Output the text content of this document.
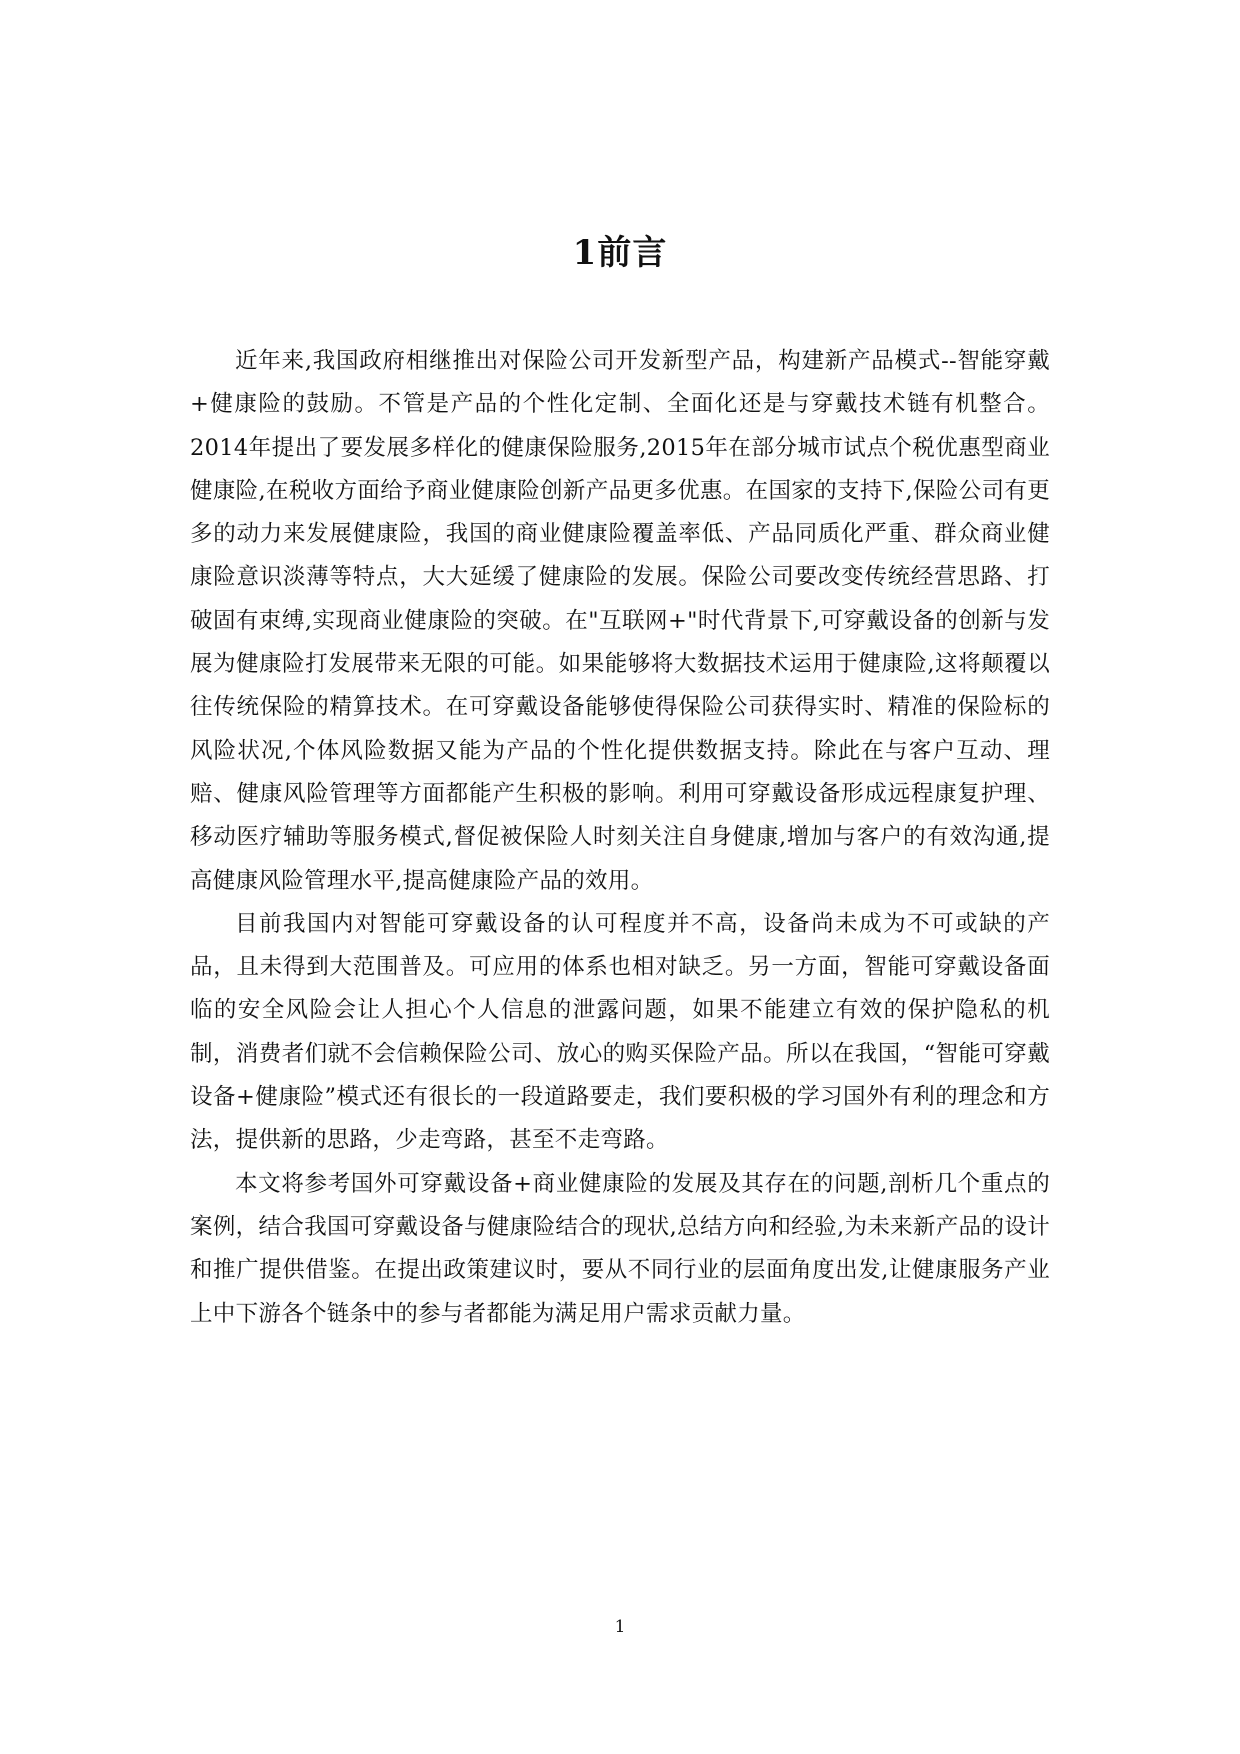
1前言

近年来,我国政府相继推出对保险公司开发新型产品，构建新产品模式--智能穿戴+健康险的鼓励。不管是产品的个性化定制、全面化还是与穿戴技术链有机整合。2014年提出了要发展多样化的健康保险服务,2015年在部分城市试点个税优惠型商业健康险,在税收方面给予商业健康险创新产品更多优惠。在国家的支持下,保险公司有更多的动力来发展健康险，我国的商业健康险覆盖率低、产品同质化严重、群众商业健康险意识淡薄等特点，大大延缓了健康险的发展。保险公司要改变传统经营思路、打破固有束缚,实现商业健康险的突破。在"互联网+"时代背景下,可穿戴设备的创新与发展为健康险打发展带来无限的可能。如果能够将大数据技术运用于健康险,这将颠覆以往传统保险的精算技术。在可穿戴设备能够使得保险公司获得实时、精准的保险标的风险状况,个体风险数据又能为产品的个性化提供数据支持。除此在与客户互动、理赔、健康风险管理等方面都能产生积极的影响。利用可穿戴设备形成远程康复护理、移动医疗辅助等服务模式,督促被保险人时刻关注自身健康,增加与客户的有效沟通,提高健康风险管理水平,提高健康险产品的效用。

目前我国内对智能可穿戴设备的认可程度并不高，设备尚未成为不可或缺的产品，且未得到大范围普及。可应用的体系也相对缺乏。另一方面，智能可穿戴设备面临的安全风险会让人担心个人信息的泄露问题，如果不能建立有效的保护隐私的机制，消费者们就不会信赖保险公司、放心的购买保险产品。所以在我国，“智能可穿戴设备+健康险”模式还有很长的一段道路要走，我们要积极的学习国外有利的理念和方法，提供新的思路，少走弯路，甚至不走弯路。

本文将参考国外可穿戴设备+商业健康险的发展及其存在的问题,剖析几个重点的案例，结合我国可穿戴设备与健康险结合的现状,总结方向和经验,为未来新产品的设计和推广提供借鉴。在提出政策建议时，要从不同行业的层面角度出发,让健康服务产业上中下游各个链条中的参与者都能为满足用户需求贡献力量。

1
